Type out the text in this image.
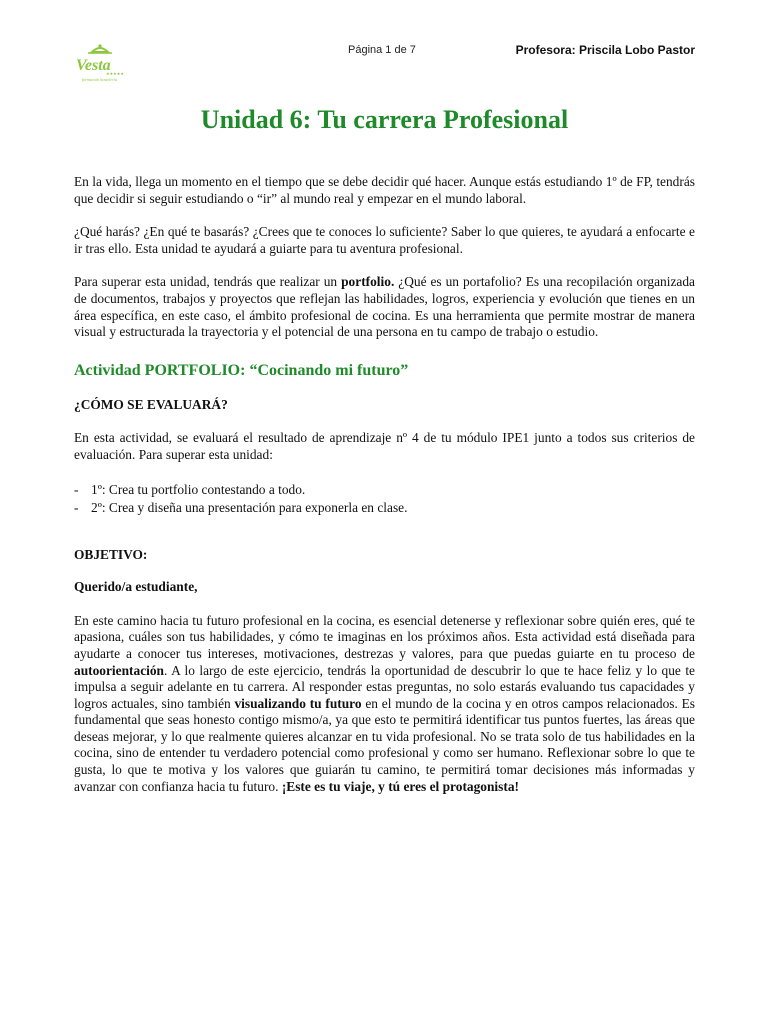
Vesta
★★★★★
formación hostelería
Página 1 de 7	Profesora: Priscila Lobo Pastor
Unidad 6: Tu carrera Profesional

En la vida, llega un momento en el tiempo que se debe decidir qué hacer. Aunque estás estudiando 1º de FP, tendrás que decidir si seguir estudiando o “ir” al mundo real y empezar en el mundo laboral.

¿Qué harás? ¿En qué te basarás? ¿Crees que te conoces lo suficiente? Saber lo que quieres, te ayudará a enfocarte e ir tras ello. Esta unidad te ayudará a guiarte para tu aventura profesional.

Para superar esta unidad, tendrás que realizar un portfolio. ¿Qué es un portafolio? Es una recopilación organizada de documentos, trabajos y proyectos que reflejan las habilidades, logros, experiencia y evolución que tienes en un área específica, en este caso, el ámbito profesional de cocina. Es una herramienta que permite mostrar de manera visual y estructurada la trayectoria y el potencial de una persona en tu campo de trabajo o estudio.

Actividad PORTFOLIO: “Cocinando mi futuro”
¿CÓMO SE EVALUARÁ?

En esta actividad, se evaluará el resultado de aprendizaje nº 4 de tu módulo IPE1 junto a todos sus criterios de evaluación. Para superar esta unidad:

- 1º: Crea tu portfolio contestando a todo.
- 2º: Crea y diseña una presentación para exponerla en clase.
OBJETIVO:
Querido/a estudiante,

En este camino hacia tu futuro profesional en la cocina, es esencial detenerse y reflexionar sobre quién eres, qué te apasiona, cuáles son tus habilidades, y cómo te imaginas en los próximos años. Esta actividad está diseñada para ayudarte a conocer tus intereses, motivaciones, destrezas y valores, para que puedas guiarte en tu proceso de autoorientación. A lo largo de este ejercicio, tendrás la oportunidad de descubrir lo que te hace feliz y lo que te impulsa a seguir adelante en tu carrera. Al responder estas preguntas, no solo estarás evaluando tus capacidades y logros actuales, sino también visualizando tu futuro en el mundo de la cocina y en otros campos relacionados. Es fundamental que seas honesto contigo mismo/a, ya que esto te permitirá identificar tus puntos fuertes, las áreas que deseas mejorar, y lo que realmente quieres alcanzar en tu vida profesional. No se trata solo de tus habilidades en la cocina, sino de entender tu verdadero potencial como profesional y como ser humano. Reflexionar sobre lo que te gusta, lo que te motiva y los valores que guiarán tu camino, te permitirá tomar decisiones más informadas y avanzar con confianza hacia tu futuro. ¡Este es tu viaje, y tú eres el protagonista!
